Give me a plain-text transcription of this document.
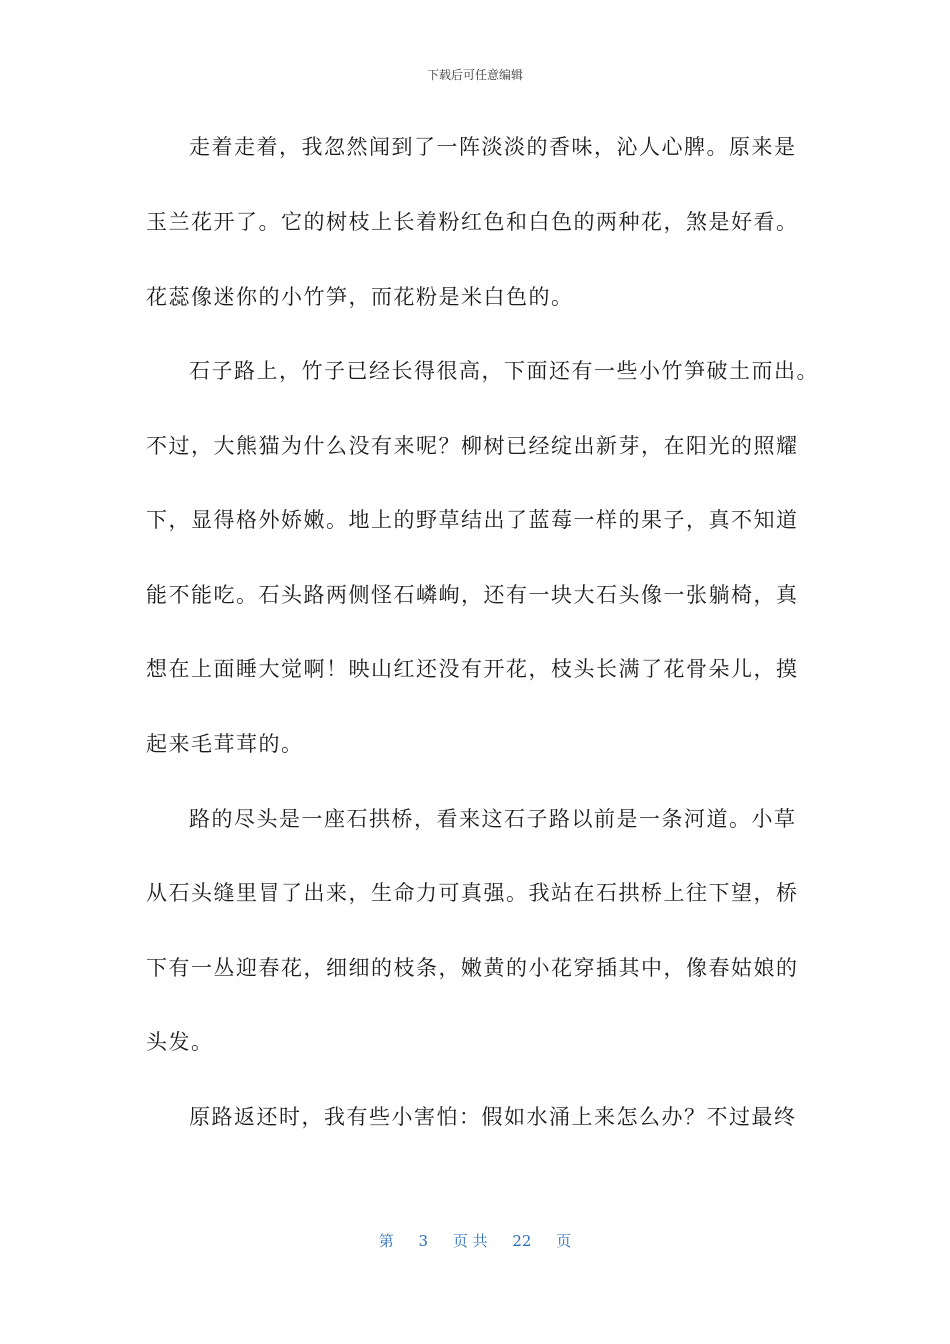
下载后可任意编辑
走着走着，我忽然闻到了一阵淡淡的香味，沁人心脾。原来是
玉兰花开了。它的树枝上长着粉红色和白色的两种花，煞是好看。
花蕊像迷你的小竹笋，而花粉是米白色的。
石子路上，竹子已经长得很高，下面还有一些小竹笋破土而出。
不过，大熊猫为什么没有来呢？柳树已经绽出新芽，在阳光的照耀
下，显得格外娇嫩。地上的野草结出了蓝莓一样的果子，真不知道
能不能吃。石头路两侧怪石嶙峋，还有一块大石头像一张躺椅，真
想在上面睡大觉啊！映山红还没有开花，枝头长满了花骨朵儿，摸
起来毛茸茸的。
路的尽头是一座石拱桥，看来这石子路以前是一条河道。小草
从石头缝里冒了出来，生命力可真强。我站在石拱桥上往下望，桥
下有一丛迎春花，细细的枝条，嫩黄的小花穿插其中，像春姑娘的
头发。
原路返还时，我有些小害怕：假如水涌上来怎么办？不过最终
第 3 页 共 22 页
